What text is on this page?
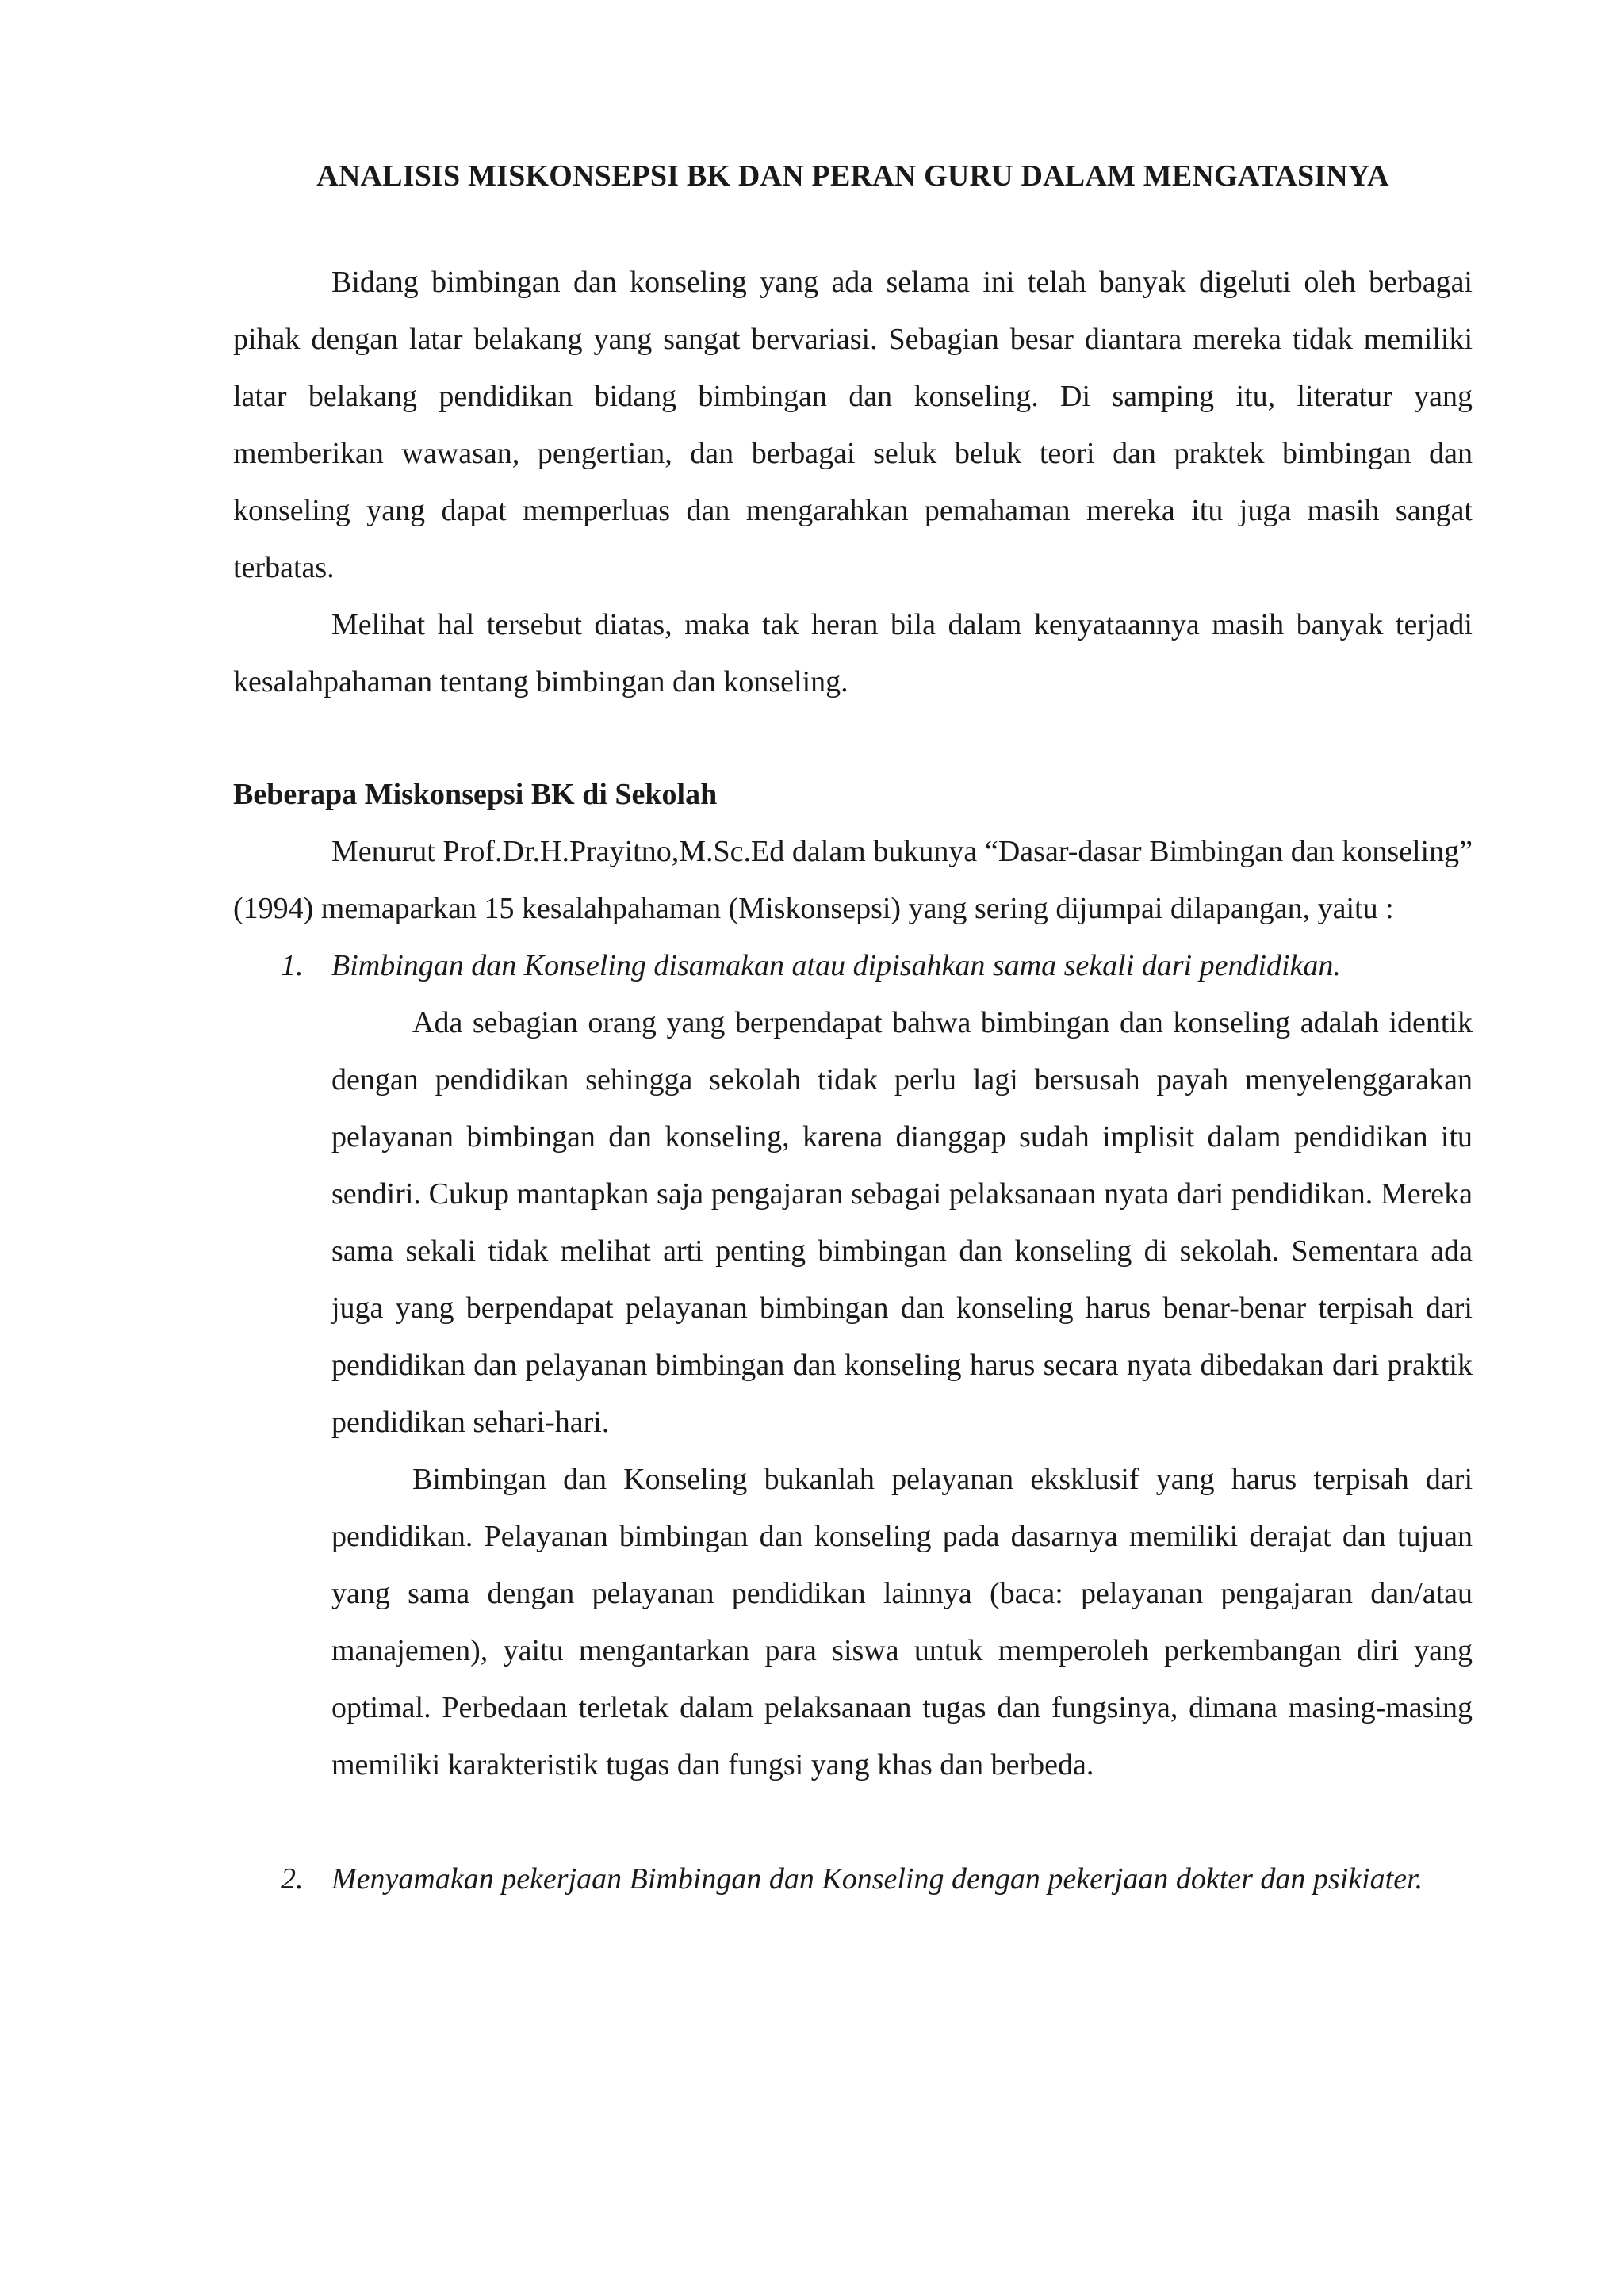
ANALISIS MISKONSEPSI BK DAN PERAN GURU DALAM MENGATASINYA

Bidang bimbingan dan konseling yang ada selama ini telah banyak digeluti oleh berbagai pihak dengan latar belakang yang sangat bervariasi. Sebagian besar diantara mereka tidak memiliki latar belakang pendidikan bidang bimbingan dan konseling. Di samping itu, literatur yang memberikan wawasan, pengertian, dan berbagai seluk beluk teori dan praktek bimbingan dan konseling yang dapat memperluas dan mengarahkan pemahaman mereka itu juga masih sangat terbatas.

Melihat hal tersebut diatas, maka tak heran bila dalam kenyataannya masih banyak terjadi kesalahpahaman tentang bimbingan dan konseling.

Beberapa Miskonsepsi BK di Sekolah

Menurut Prof.Dr.H.Prayitno,M.Sc.Ed dalam bukunya “Dasar-dasar Bimbingan dan konseling” (1994) memaparkan 15 kesalahpahaman (Miskonsepsi) yang sering dijumpai dilapangan, yaitu :

1. Bimbingan dan Konseling disamakan atau dipisahkan sama sekali dari pendidikan.

Ada sebagian orang yang berpendapat bahwa bimbingan dan konseling adalah identik dengan pendidikan sehingga sekolah tidak perlu lagi bersusah payah menyelenggarakan pelayanan bimbingan dan konseling, karena dianggap sudah implisit dalam pendidikan itu sendiri. Cukup mantapkan saja pengajaran sebagai pelaksanaan nyata dari pendidikan. Mereka sama sekali tidak melihat arti penting bimbingan dan konseling di sekolah. Sementara ada juga yang berpendapat pelayanan bimbingan dan konseling harus benar-benar terpisah dari pendidikan dan pelayanan bimbingan dan konseling harus secara nyata dibedakan dari praktik pendidikan sehari-hari.

Bimbingan dan Konseling bukanlah pelayanan eksklusif yang harus terpisah dari pendidikan. Pelayanan bimbingan dan konseling pada dasarnya memiliki derajat dan tujuan yang sama dengan pelayanan pendidikan lainnya (baca: pelayanan pengajaran dan/atau manajemen), yaitu mengantarkan para siswa untuk memperoleh perkembangan diri yang optimal. Perbedaan terletak dalam pelaksanaan tugas dan fungsinya, dimana masing-masing memiliki karakteristik tugas dan fungsi yang khas dan berbeda.

2. Menyamakan pekerjaan Bimbingan dan Konseling dengan pekerjaan dokter dan psikiater.
